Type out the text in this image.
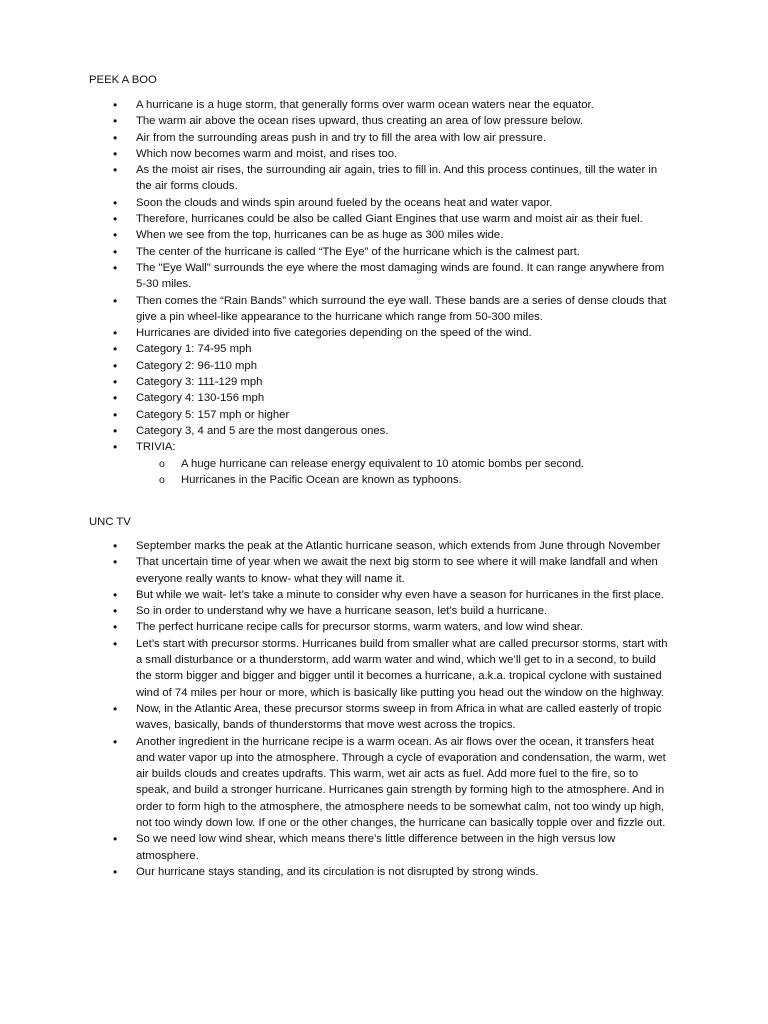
PEEK A BOO
• A hurricane is a huge storm, that generally forms over warm ocean waters near the equator.
• The warm air above the ocean rises upward, thus creating an area of low pressure below.
• Air from the surrounding areas push in and try to fill the area with low air pressure.
• Which now becomes warm and moist, and rises too.
• As the moist air rises, the surrounding air again, tries to fill in. And this process continues, till the water in the air forms clouds.
• Soon the clouds and winds spin around fueled by the oceans heat and water vapor.
• Therefore, hurricanes could be also be called Giant Engines that use warm and moist air as their fuel.
• When we see from the top, hurricanes can be as huge as 300 miles wide.
• The center of the hurricane is called “The Eye” of the hurricane which is the calmest part.
• The "Eye Wall" surrounds the eye where the most damaging winds are found. It can range anywhere from 5-30 miles.
• Then comes the “Rain Bands” which surround the eye wall. These bands are a series of dense clouds that give a pin wheel-like appearance to the hurricane which range from 50-300 miles.
• Hurricanes are divided into five categories depending on the speed of the wind.
• Category 1: 74-95 mph
• Category 2: 96-110 mph
• Category 3: 111-129 mph
• Category 4: 130-156 mph
• Category 5: 157 mph or higher
• Category 3, 4 and 5 are the most dangerous ones.
• TRIVIA:
o A huge hurricane can release energy equivalent to 10 atomic bombs per second.
o Hurricanes in the Pacific Ocean are known as typhoons.
UNC TV
• September marks the peak at the Atlantic hurricane season, which extends from June through November
• That uncertain time of year when we await the next big storm to see where it will make landfall and when everyone really wants to know- what they will name it.
• But while we wait- let’s take a minute to consider why even have a season for hurricanes in the first place.
• So in order to understand why we have a hurricane season, let’s build a hurricane.
• The perfect hurricane recipe calls for precursor storms, warm waters, and low wind shear.
• Let’s start with precursor storms. Hurricanes build from smaller what are called precursor storms, start with a small disturbance or a thunderstorm, add warm water and wind, which we’ll get to in a second, to build the storm bigger and bigger and bigger until it becomes a hurricane, a.k.a. tropical cyclone with sustained wind of 74 miles per hour or more, which is basically like putting you head out the window on the highway.
• Now, in the Atlantic Area, these precursor storms sweep in from Africa in what are called easterly of tropic waves, basically, bands of thunderstorms that move west across the tropics.
• Another ingredient in the hurricane recipe is a warm ocean. As air flows over the ocean, it transfers heat and water vapor up into the atmosphere. Through a cycle of evaporation and condensation, the warm, wet air builds clouds and creates updrafts. This warm, wet air acts as fuel. Add more fuel to the fire, so to speak, and build a stronger hurricane. Hurricanes gain strength by forming high to the atmosphere. And in order to form high to the atmosphere, the atmosphere needs to be somewhat calm, not too windy up high, not too windy down low. If one or the other changes, the hurricane can basically topple over and fizzle out.
• So we need low wind shear, which means there’s little difference between in the high versus low atmosphere.
• Our hurricane stays standing, and its circulation is not disrupted by strong winds.
